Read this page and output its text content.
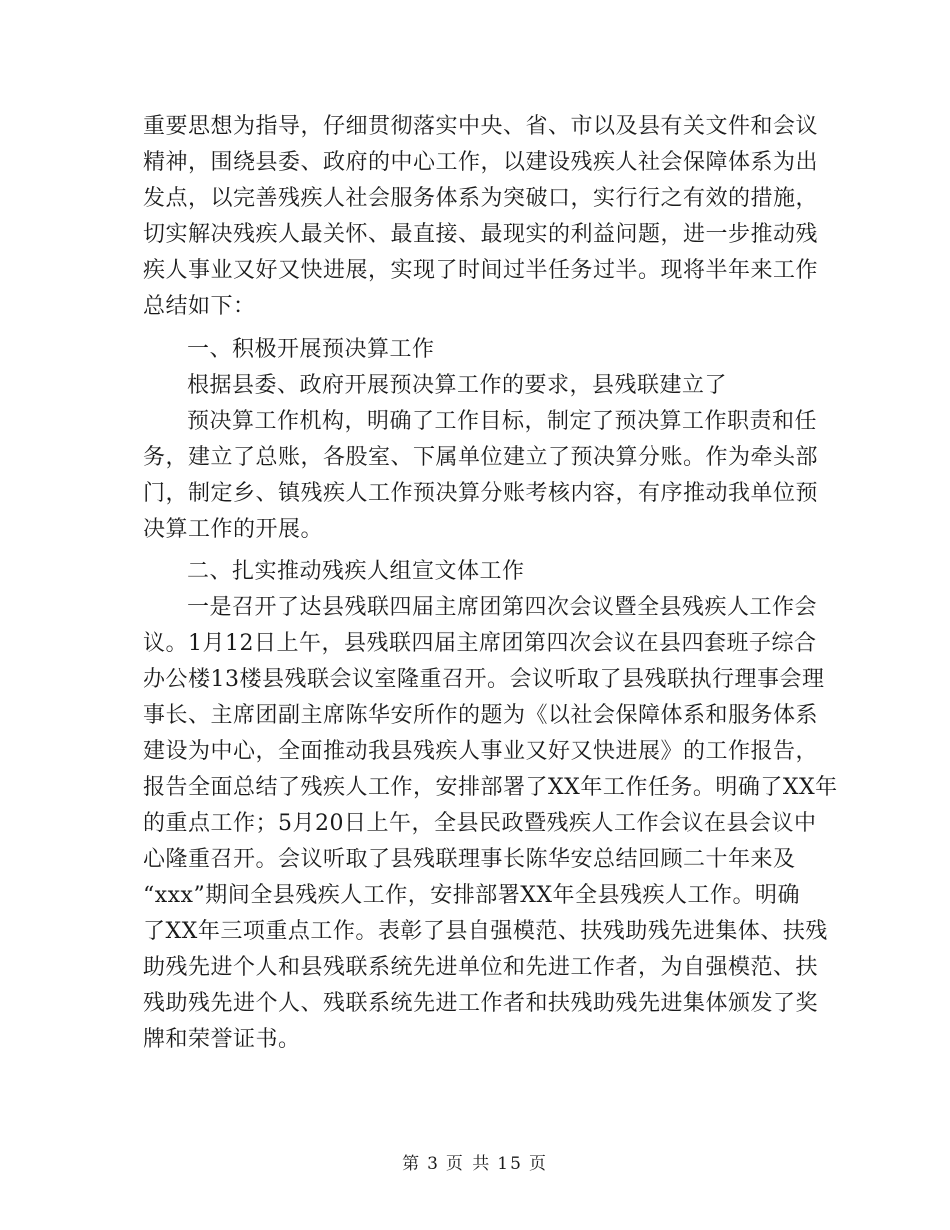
重要思想为指导，仔细贯彻落实中央、省、市以及县有关文件和会议
精神，围绕县委、政府的中心工作，以建设残疾人社会保障体系为出
发点，以完善残疾人社会服务体系为突破口，实行行之有效的措施，
切实解决残疾人最关怀、最直接、最现实的利益问题，进一步推动残
疾人事业又好又快进展，实现了时间过半任务过半。现将半年来工作
总结如下：
一、积极开展预决算工作
根据县委、政府开展预决算工作的要求，县残联建立了
预决算工作机构，明确了工作目标，制定了预决算工作职责和任
务，建立了总账，各股室、下属单位建立了预决算分账。作为牵头部
门，制定乡、镇残疾人工作预决算分账考核内容，有序推动我单位预
决算工作的开展。
二、扎实推动残疾人组宣文体工作
一是召开了达县残联四届主席团第四次会议暨全县残疾人工作会
议。1月12日上午，县残联四届主席团第四次会议在县四套班子综合
办公楼13楼县残联会议室隆重召开。会议听取了县残联执行理事会理
事长、主席团副主席陈华安所作的题为《以社会保障体系和服务体系
建设为中心，全面推动我县残疾人事业又好又快进展》的工作报告，
报告全面总结了残疾人工作，安排部署了XX年工作任务。明确了XX年
的重点工作；5月20日上午，全县民政暨残疾人工作会议在县会议中
心隆重召开。会议听取了县残联理事长陈华安总结回顾二十年来及
“xxx”期间全县残疾人工作，安排部署XX年全县残疾人工作。明确
了XX年三项重点工作。表彰了县自强模范、扶残助残先进集体、扶残
助残先进个人和县残联系统先进单位和先进工作者，为自强模范、扶
残助残先进个人、残联系统先进工作者和扶残助残先进集体颁发了奖
牌和荣誉证书。
第 3 页 共 15 页
